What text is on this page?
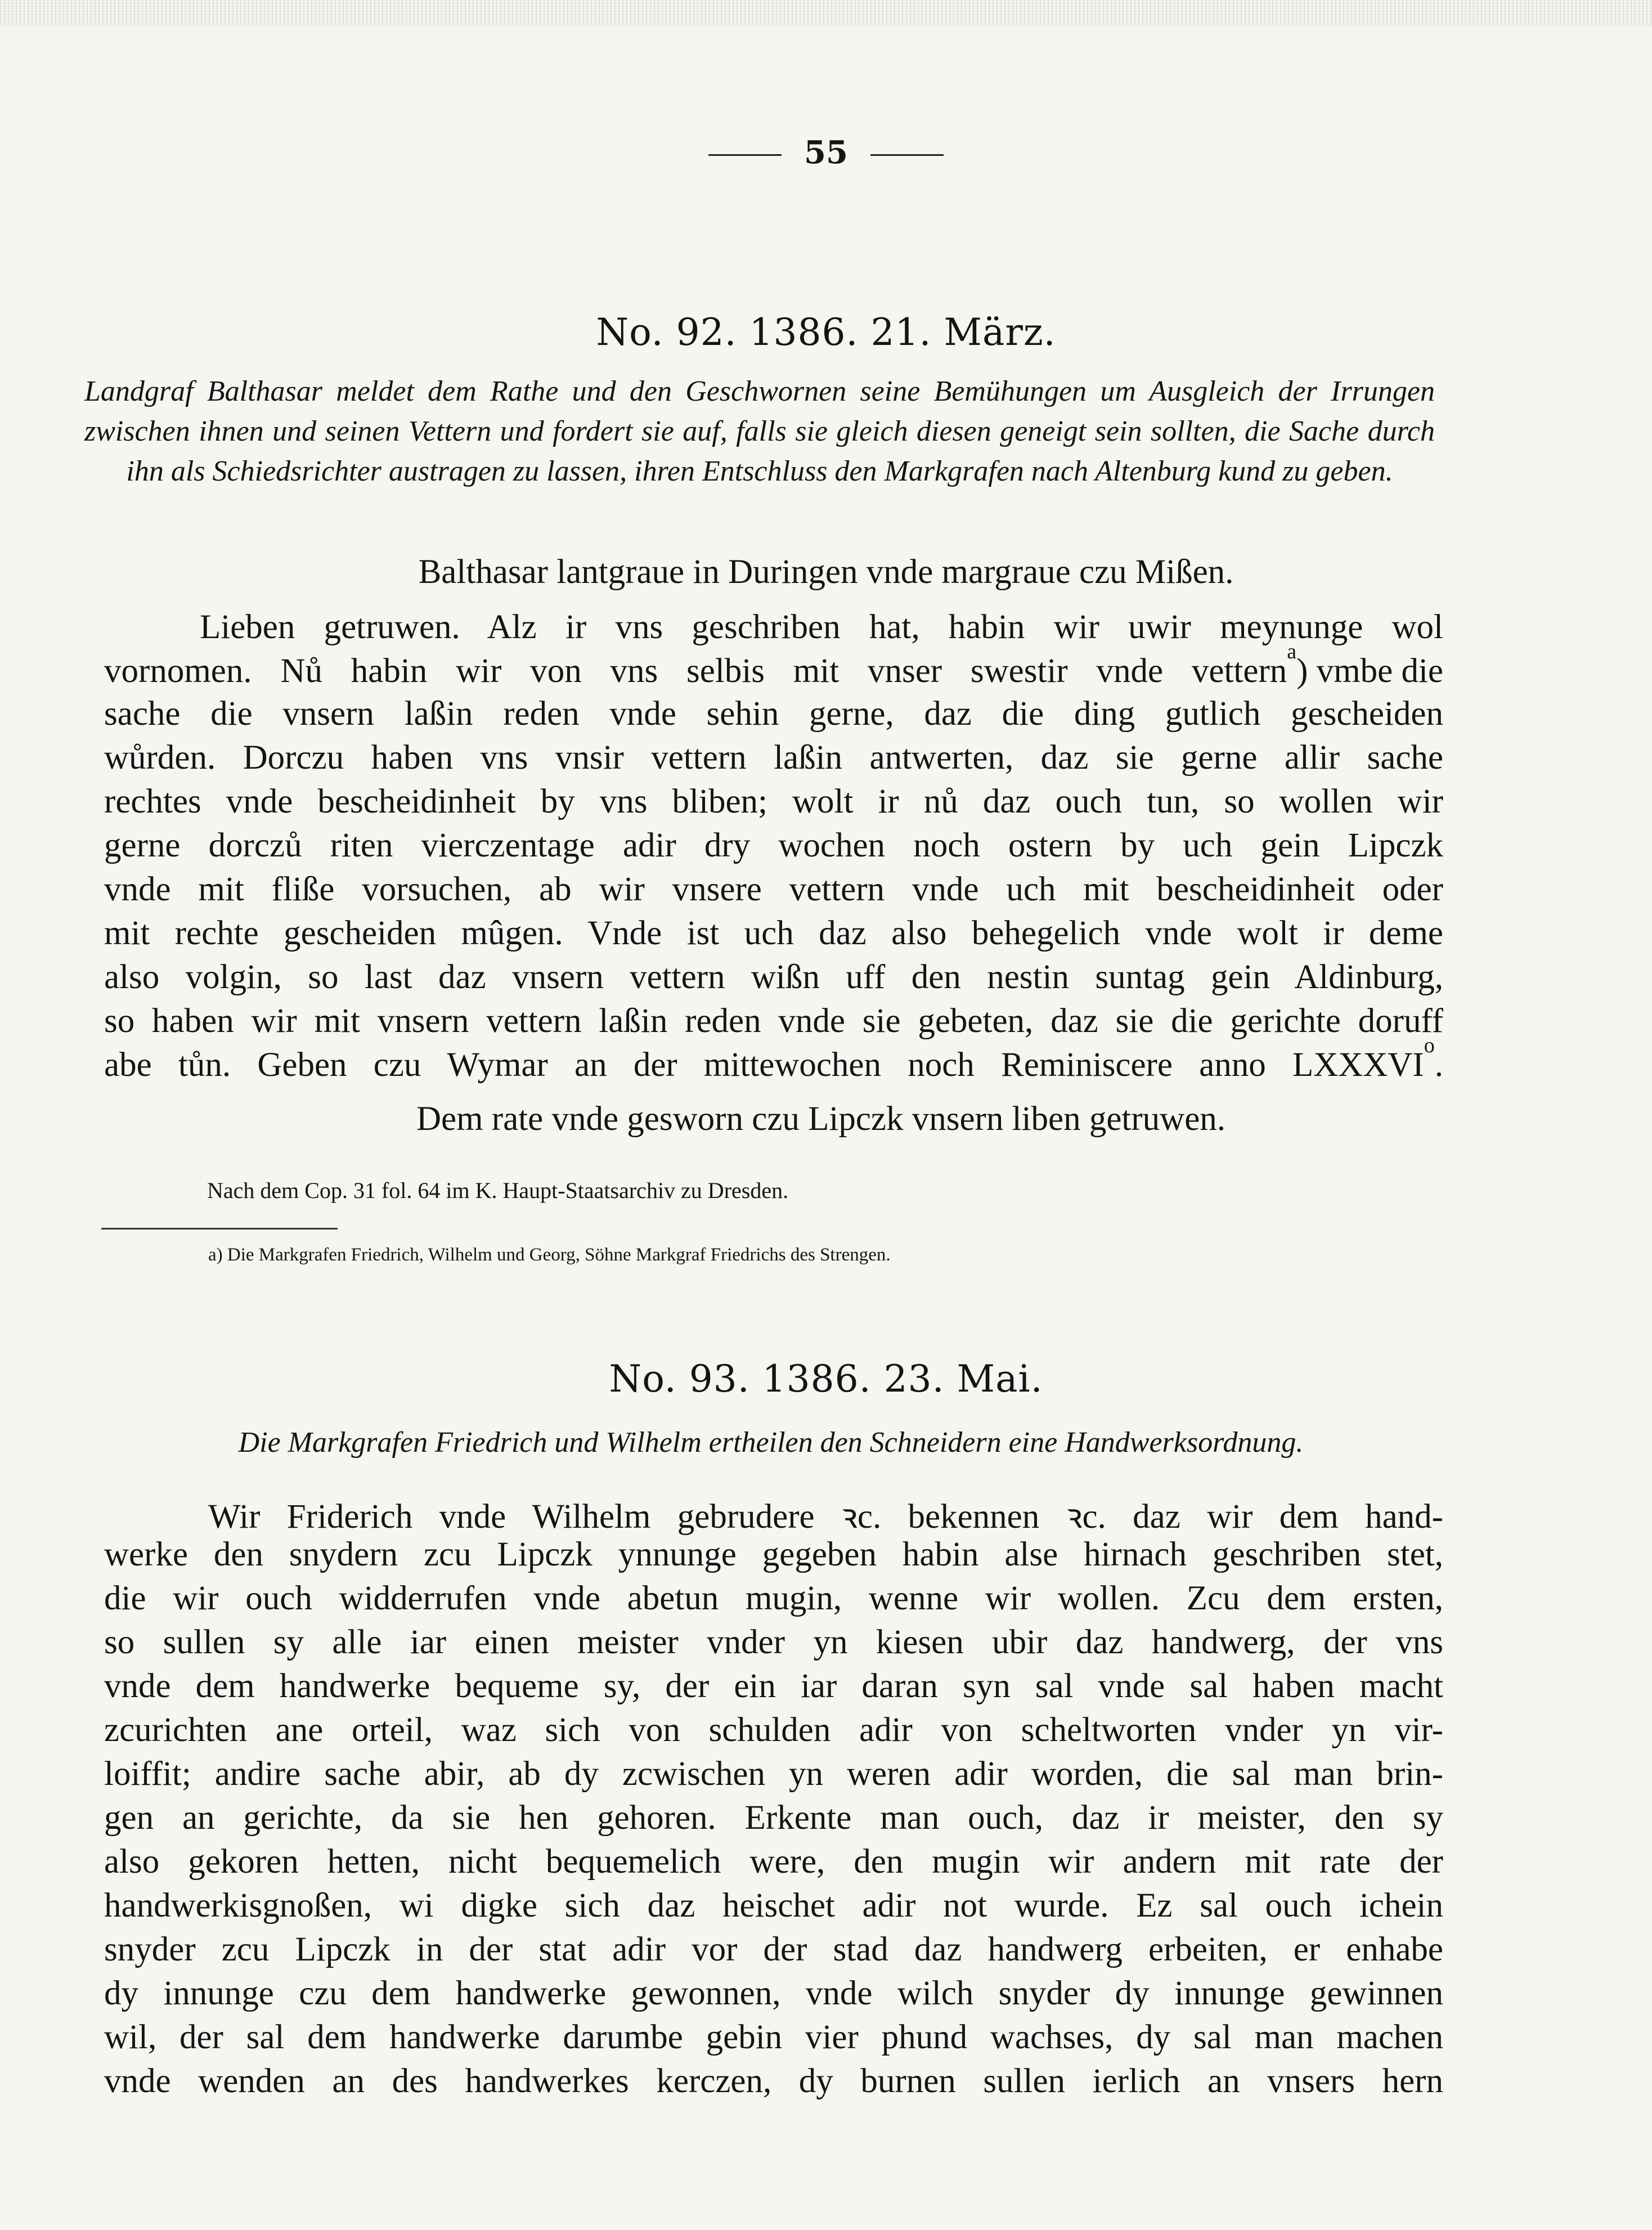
55
No. 92. 1386. 21. März.
Landgraf Balthasar meldet dem Rathe und den Geschwornen seine Bemühungen um Ausgleich der Irrungen zwischen ihnen und seinen Vettern und fordert sie auf, falls sie gleich diesen geneigt sein sollten, die Sache durch ihn als Schiedsrichter austragen zu lassen, ihren Entschluss den Markgrafen nach Altenburg kund zu geben.
Balthasar lantgraue in Duringen vnde margraue czu Mißen.
Lieben getruwen. Alz ir vns geschriben hat, habin wir uwir meynunge wol
vornomen. Nů habin wir von vns selbis mit vnser swestir vnde vettern
a
) vmbe die
sache die vnsern laßin reden vnde sehin gerne, daz die ding gutlich gescheiden
wůrden. Dorczu haben vns vnsir vettern laßin antwerten, daz sie gerne allir sache
rechtes vnde bescheidinheit by vns bliben; wolt ir nů daz ouch tun, so wollen wir
gerne dorczů riten vierczentage adir dry wochen noch ostern by uch gein Lipczk
vnde mit fliße vorsuchen, ab wir vnsere vettern vnde uch mit bescheidinheit oder
mit rechte gescheiden mûgen. Vnde ist uch daz also behegelich vnde wolt ir deme
also volgin, so last daz vnsern vettern wißn uff den nestin suntag gein Aldinburg,
so haben wir mit vnsern vettern laßin reden vnde sie gebeten, daz sie die gerichte doruff
abe tůn. Geben czu Wymar an der mittewochen noch Reminiscere anno LXXXVI
o
.
Dem rate vnde gesworn czu Lipczk vnsern liben getruwen.
Nach dem Cop. 31 fol. 64 im K. Haupt-Staatsarchiv zu Dresden.
a) Die Markgrafen Friedrich, Wilhelm und Georg, Söhne Markgraf Friedrichs des Strengen.
No. 93. 1386. 23. Mai.
Die Markgrafen Friedrich und Wilhelm ertheilen den Schneidern eine Handwerksordnung.
Wir Friderich vnde Wilhelm gebrudere ꝛc. bekennen ꝛc. daz wir dem hand-
werke den snydern zcu Lipczk ynnunge gegeben habin alse hirnach geschriben stet,
die wir ouch widderrufen vnde abetun mugin, wenne wir wollen. Zcu dem ersten,
so sullen sy alle iar einen meister vnder yn kiesen ubir daz handwerg, der vns
vnde dem handwerke bequeme sy, der ein iar daran syn sal vnde sal haben macht
zcurichten ane orteil, waz sich von schulden adir von scheltworten vnder yn vir-
loiffit; andire sache abir, ab dy zcwischen yn weren adir worden, die sal man brin-
gen an gerichte, da sie hen gehoren. Erkente man ouch, daz ir meister, den sy
also gekoren hetten, nicht bequemelich were, den mugin wir andern mit rate der
handwerkisgnoßen, wi digke sich daz heischet adir not wurde. Ez sal ouch ichein
snyder zcu Lipczk in der stat adir vor der stad daz handwerg erbeiten, er enhabe
dy innunge czu dem handwerke gewonnen, vnde wilch snyder dy innunge gewinnen
wil, der sal dem handwerke darumbe gebin vier phund wachses, dy sal man machen
vnde wenden an des handwerkes kerczen, dy burnen sullen ierlich an vnsers hern
